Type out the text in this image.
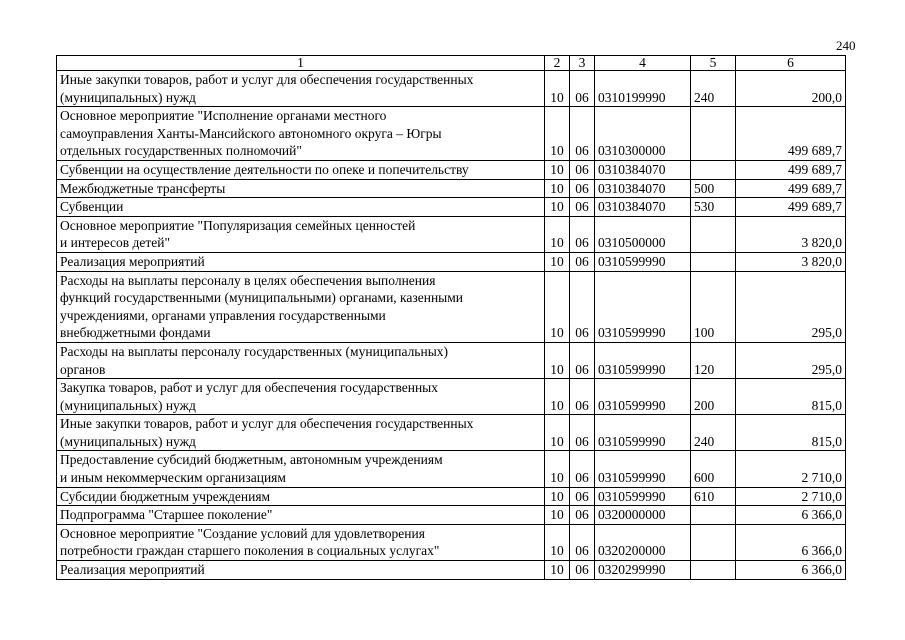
240
1	2	3	4	5	6
Иные закупки товаров, работ и услуг для обеспечения государственных
(муниципальных) нужд	10	06	0310199990	240	200,0
Основное мероприятие "Исполнение органами местного
самоуправления Ханты-Мансийского автономного округа – Югры
отдельных государственных полномочий"	10	06	0310300000		499 689,7
Субвенции на осуществление деятельности по опеке и попечительству	10	06	0310384070		499 689,7
Межбюджетные трансферты	10	06	0310384070	500	499 689,7
Субвенции	10	06	0310384070	530	499 689,7
Основное мероприятие "Популяризация семейных ценностей
и интересов детей"	10	06	0310500000		3 820,0
Реализация мероприятий	10	06	0310599990		3 820,0
Расходы на выплаты персоналу в целях обеспечения выполнения
функций государственными (муниципальными) органами, казенными
учреждениями, органами управления государственными
внебюджетными фондами	10	06	0310599990	100	295,0
Расходы на выплаты персоналу государственных (муниципальных)
органов	10	06	0310599990	120	295,0
Закупка товаров, работ и услуг для обеспечения государственных
(муниципальных) нужд	10	06	0310599990	200	815,0
Иные закупки товаров, работ и услуг для обеспечения государственных
(муниципальных) нужд	10	06	0310599990	240	815,0
Предоставление субсидий бюджетным, автономным учреждениям
и иным некоммерческим организациям	10	06	0310599990	600	2 710,0
Субсидии бюджетным учреждениям	10	06	0310599990	610	2 710,0
Подпрограмма "Старшее поколение"	10	06	0320000000		6 366,0
Основное мероприятие "Создание условий для удовлетворения
потребности граждан старшего поколения в социальных услугах"	10	06	0320200000		6 366,0
Реализация мероприятий	10	06	0320299990		6 366,0
